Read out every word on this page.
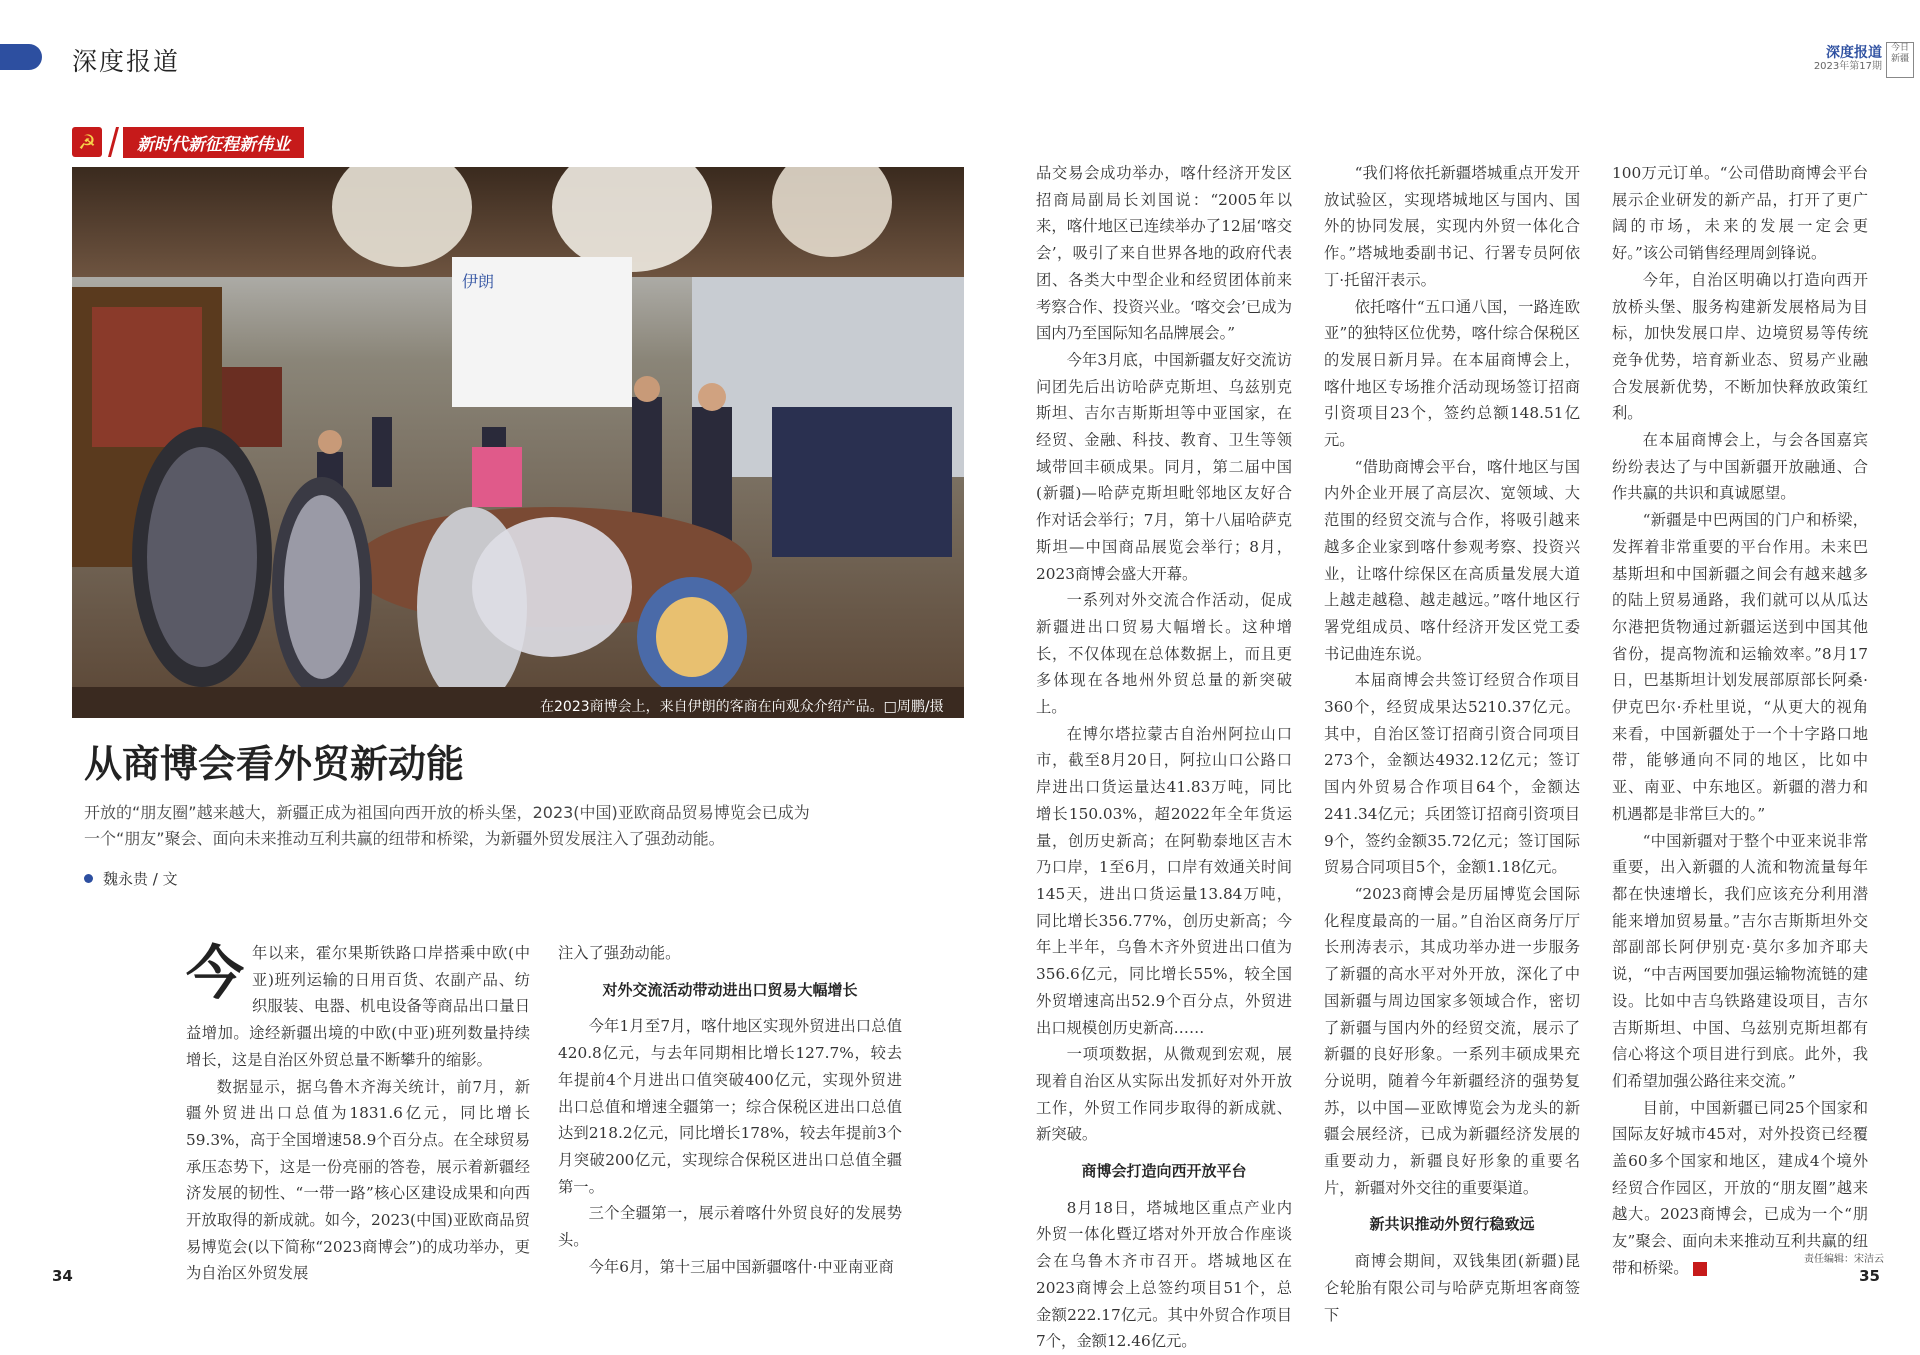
深度报道	深度报道
2023年第17期
今日新疆
☭	新时代新征程新伟业
伊朗
在2023商博会上，来自伊朗的客商在向观众介绍产品。□周鹏/摄
从商博会看外贸新动能
开放的“朋友圈”越来越大，新疆正成为祖国向西开放的桥头堡，2023(中国)亚欧商品贸易博览会已成为一个“朋友”聚会、面向未来推动互利共赢的纽带和桥梁，为新疆外贸发展注入了强劲动能。
魏永贵 / 文
今 年以来，霍尔果斯铁路口岸搭乘中欧(中亚)班列运输的日用百货、农副产品、纺织服装、电器、机电设备等商品出口量日益增加。途经新疆出境的中欧(中亚)班列数量持续增长，这是自治区外贸总量不断攀升的缩影。

数据显示，据乌鲁木齐海关统计，前7月，新疆外贸进出口总值为1831.6亿元，同比增长59.3%，高于全国增速58.9个百分点。在全球贸易承压态势下，这是一份亮丽的答卷，展示着新疆经济发展的韧性、“一带一路”核心区建设成果和向西开放取得的新成就。如今，2023(中国)亚欧商品贸易博览会(以下简称“2023商博会”)的成功举办，更为自治区外贸发展

注入了强劲动能。

对外交流活动带动进出口贸易大幅增长

今年1月至7月，喀什地区实现外贸进出口总值420.8亿元，与去年同期相比增长127.7%，较去年提前4个月进出口值突破400亿元，实现外贸进出口总值和增速全疆第一；综合保税区进出口总值达到218.2亿元，同比增长178%，较去年提前3个月突破200亿元，实现综合保税区进出口总值全疆第一。

三个全疆第一，展示着喀什外贸良好的发展势头。

今年6月，第十三届中国新疆喀什·中亚南亚商

品交易会成功举办，喀什经济开发区招商局副局长刘国说：“2005年以来，喀什地区已连续举办了12届‘喀交会’，吸引了来自世界各地的政府代表团、各类大中型企业和经贸团体前来考察合作、投资兴业。‘喀交会’已成为国内乃至国际知名品牌展会。”

今年3月底，中国新疆友好交流访问团先后出访哈萨克斯坦、乌兹别克斯坦、吉尔吉斯斯坦等中亚国家，在经贸、金融、科技、教育、卫生等领域带回丰硕成果。同月，第二届中国(新疆)—哈萨克斯坦毗邻地区友好合作对话会举行；7月，第十八届哈萨克斯坦—中国商品展览会举行；8月，2023商博会盛大开幕。

一系列对外交流合作活动，促成新疆进出口贸易大幅增长。这种增长，不仅体现在总体数据上，而且更多体现在各地州外贸总量的新突破上。

在博尔塔拉蒙古自治州阿拉山口市，截至8月20日，阿拉山口公路口岸进出口货运量达41.83万吨，同比增长150.03%，超2022年全年货运量，创历史新高；在阿勒泰地区吉木乃口岸，1至6月，口岸有效通关时间145天，进出口货运量13.84万吨，同比增长356.77%，创历史新高；今年上半年，乌鲁木齐外贸进出口值为356.6亿元，同比增长55%，较全国外贸增速高出52.9个百分点，外贸进出口规模创历史新高……

一项项数据，从微观到宏观，展现着自治区从实际出发抓好对外开放工作，外贸工作同步取得的新成就、新突破。

商博会打造向西开放平台

8月18日，塔城地区重点产业内外贸一体化暨辽塔对外开放合作座谈会在乌鲁木齐市召开。塔城地区在2023商博会上总签约项目51个，总金额222.17亿元。其中外贸合作项目7个，金额12.46亿元。

“我们将依托新疆塔城重点开发开放试验区，实现塔城地区与国内、国外的协同发展，实现内外贸一体化合作。”塔城地委副书记、行署专员阿依丁·托留汗表示。

依托喀什“五口通八国，一路连欧亚”的独特区位优势，喀什综合保税区的发展日新月异。在本届商博会上，喀什地区专场推介活动现场签订招商引资项目23个，签约总额148.51亿元。

“借助商博会平台，喀什地区与国内外企业开展了高层次、宽领域、大范围的经贸交流与合作，将吸引越来越多企业家到喀什参观考察、投资兴业，让喀什综保区在高质量发展大道上越走越稳、越走越远。”喀什地区行署党组成员、喀什经济开发区党工委书记曲连东说。

本届商博会共签订经贸合作项目360个，经贸成果达5210.37亿元。其中，自治区签订招商引资合同项目273个，金额达4932.12亿元；签订国内外贸易合作项目64个，金额达241.34亿元；兵团签订招商引资项目9个，签约金额35.72亿元；签订国际贸易合同项目5个，金额1.18亿元。

“2023商博会是历届博览会国际化程度最高的一届。”自治区商务厅厅长刑涛表示，其成功举办进一步服务了新疆的高水平对外开放，深化了中国新疆与周边国家多领域合作，密切了新疆与国内外的经贸交流，展示了新疆的良好形象。一系列丰硕成果充分说明，随着今年新疆经济的强势复苏，以中国—亚欧博览会为龙头的新疆会展经济，已成为新疆经济发展的重要动力，新疆良好形象的重要名片，新疆对外交往的重要渠道。

新共识推动外贸行稳致远

商博会期间，双钱集团(新疆)昆仑轮胎有限公司与哈萨克斯坦客商签下

100万元订单。“公司借助商博会平台展示企业研发的新产品，打开了更广阔的市场，未来的发展一定会更好。”该公司销售经理周剑锋说。

今年，自治区明确以打造向西开放桥头堡、服务构建新发展格局为目标，加快发展口岸、边境贸易等传统竞争优势，培育新业态、贸易产业融合发展新优势，不断加快释放政策红利。

在本届商博会上，与会各国嘉宾纷纷表达了与中国新疆开放融通、合作共赢的共识和真诚愿望。

“新疆是中巴两国的门户和桥梁，发挥着非常重要的平台作用。未来巴基斯坦和中国新疆之间会有越来越多的陆上贸易通路，我们就可以从瓜达尔港把货物通过新疆运送到中国其他省份，提高物流和运输效率。”8月17日，巴基斯坦计划发展部原部长阿桑·伊克巴尔·乔杜里说，“从更大的视角来看，中国新疆处于一个十字路口地带，能够通向不同的地区，比如中亚、南亚、中东地区。新疆的潜力和机遇都是非常巨大的。”

“中国新疆对于整个中亚来说非常重要，出入新疆的人流和物流量每年都在快速增长，我们应该充分利用潜能来增加贸易量。”吉尔吉斯斯坦外交部副部长阿伊别克·莫尔多加齐耶夫说，“中吉两国要加强运输物流链的建设。比如中吉乌铁路建设项目，吉尔吉斯斯坦、中国、乌兹别克斯坦都有信心将这个项目进行到底。此外，我们希望加强公路往来交流。”

目前，中国新疆已同25个国家和国际友好城市45对，对外投资已经覆盖60多个国家和地区，建成4个境外经贸合作园区，开放的“朋友圈”越来越大。2023商博会，已成为一个“朋友”聚会、面向未来推动互利共赢的纽带和桥梁。

34	35
责任编辑：宋洁云
